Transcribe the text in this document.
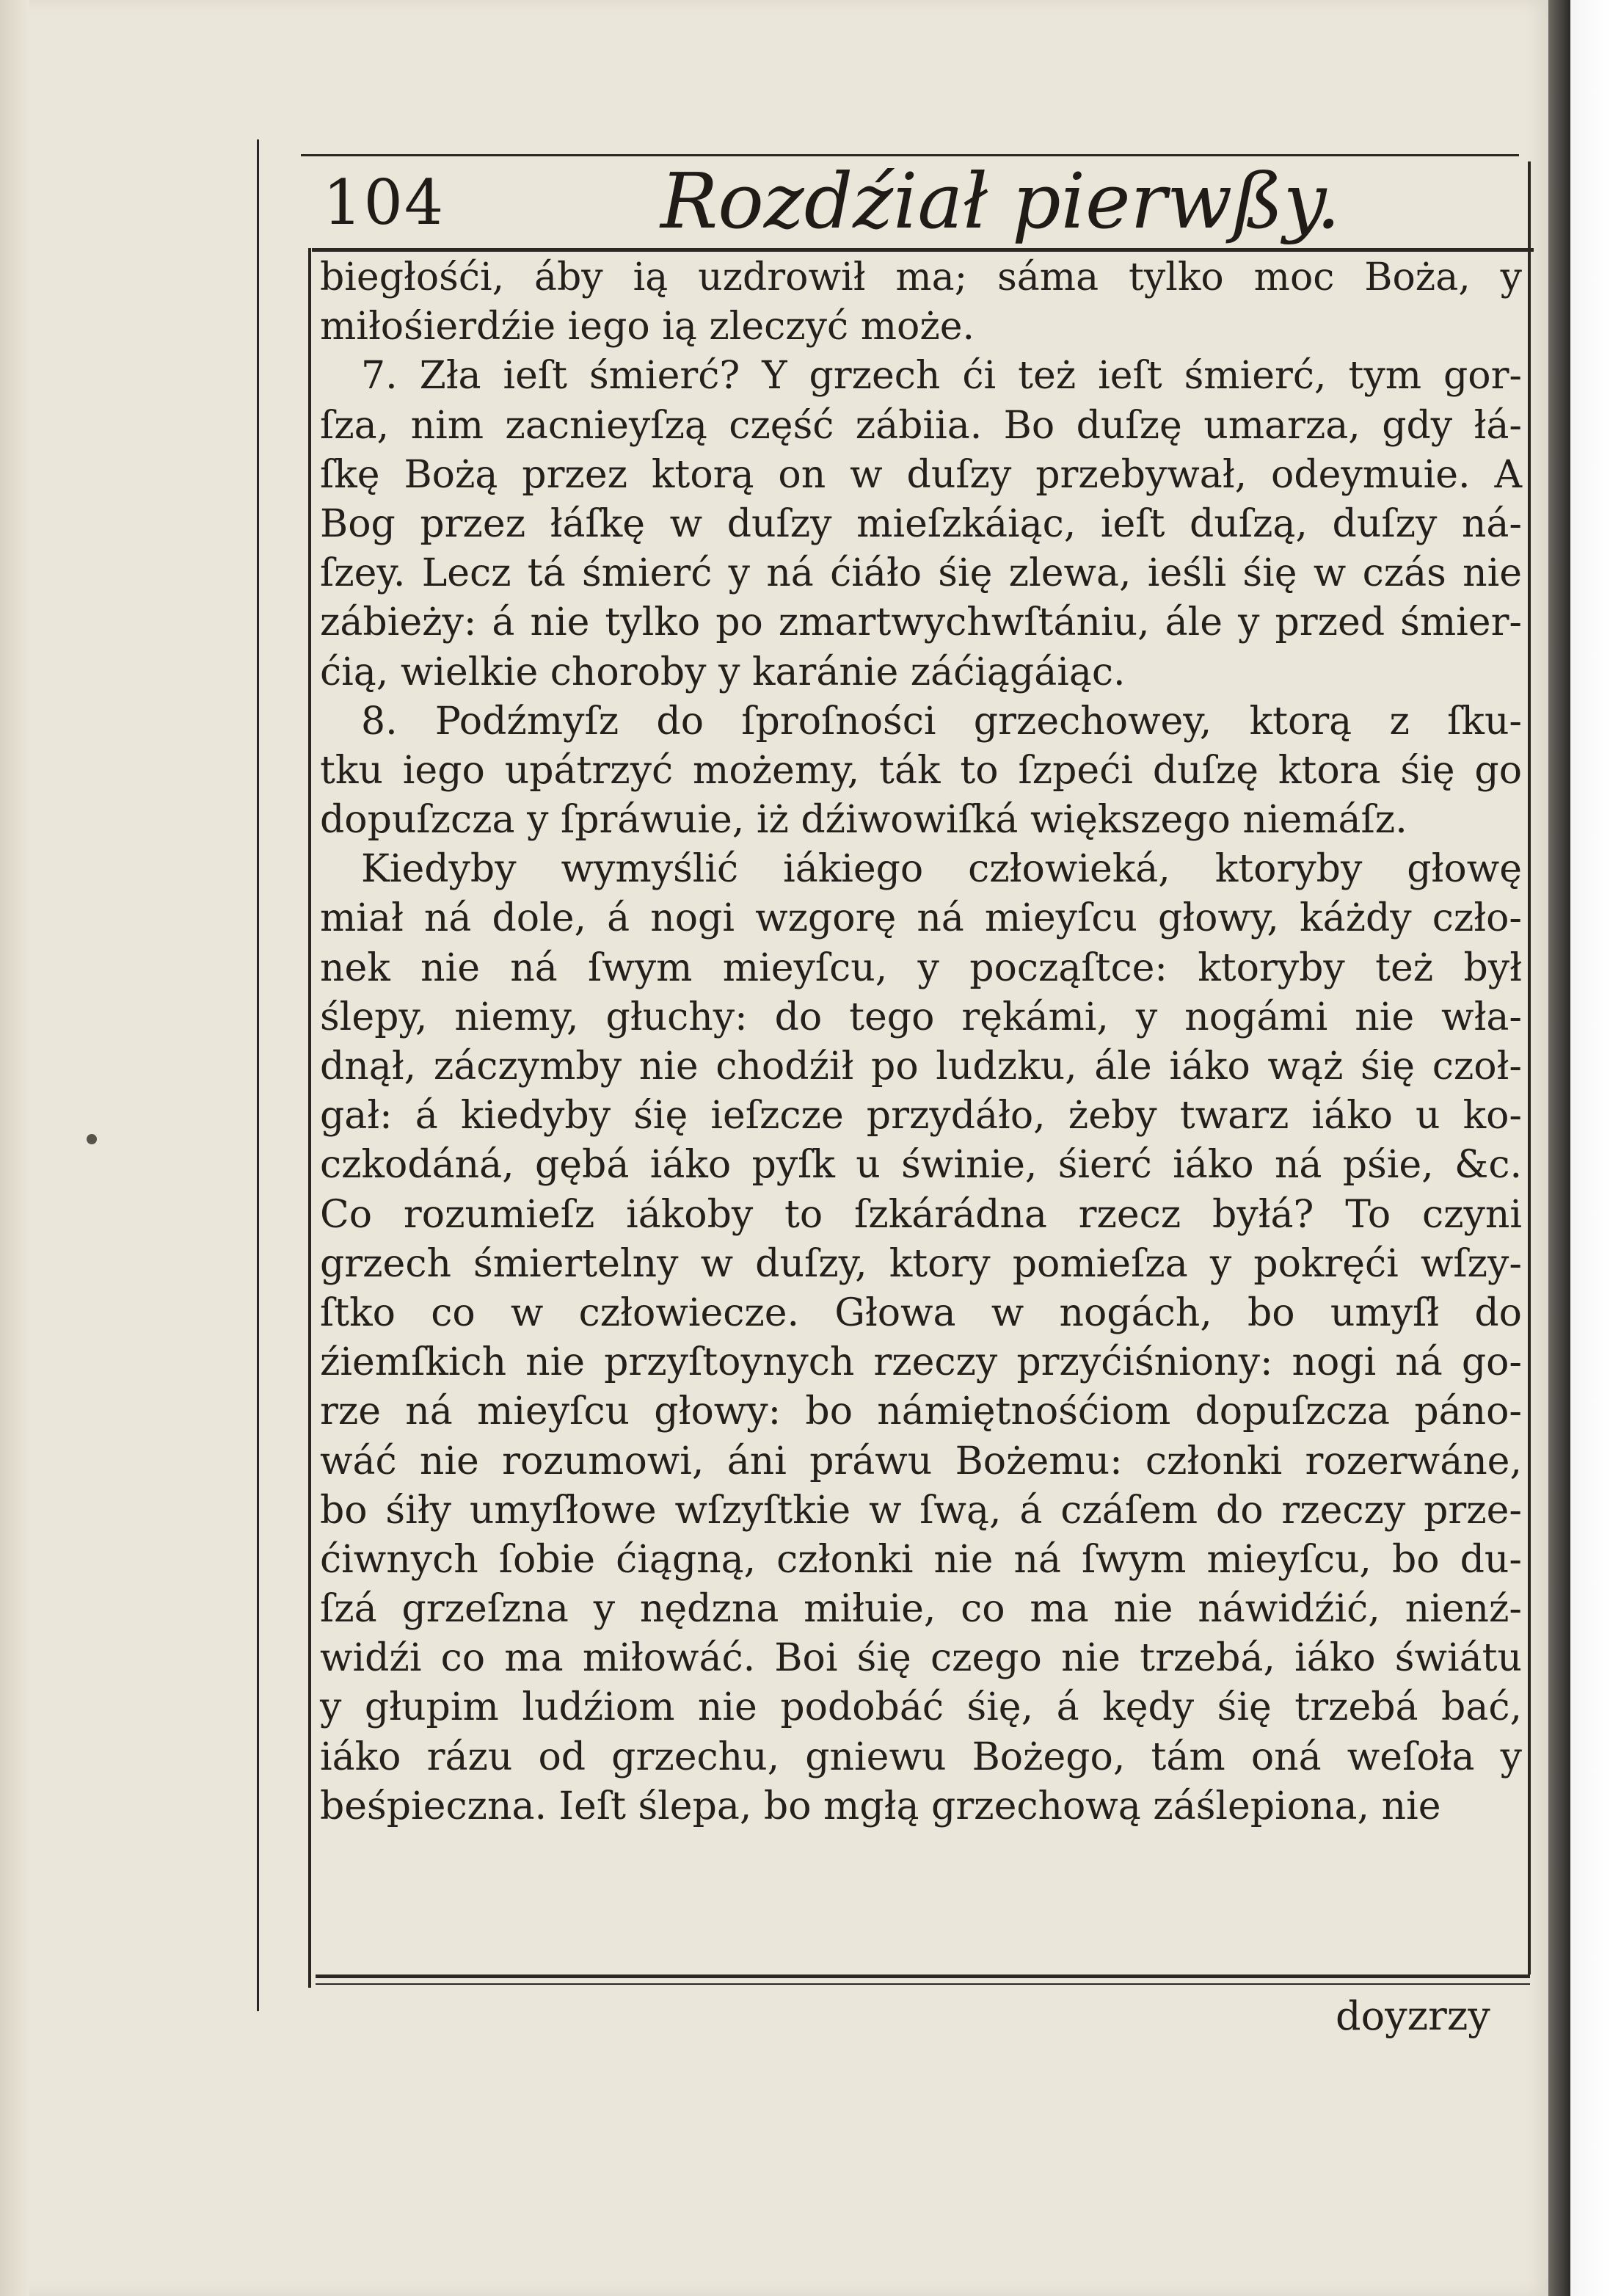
104	Rozdźiał pierwßy.
biegłośći, áby ią uzdrowił ma; sáma tylko moc Boża, y
miłośierdźie iego ią zleczyć może.
7. Zła ieſt śmierć? Y grzech ći też ieſt śmierć, tym gor-
ſza, nim zacnieyſzą część zábiia. Bo duſzę umarza, gdy łá-
ſkę Bożą przez ktorą on w duſzy przebywał, odeymuie. A
Bog przez łáſkę w duſzy mieſzkáiąc, ieſt duſzą, duſzy ná-
ſzey. Lecz tá śmierć y ná ćiáło śię zlewa, ieśli śię w czás nie
zábieży: á nie tylko po zmartwychwſtániu, ále y przed śmier-
ćią, wielkie choroby y karánie záćiągáiąc.
8. Podźmyſz do ſproſności grzechowey, ktorą z ſku-
tku iego upátrzyć możemy, ták to ſzpeći duſzę ktora śię go
dopuſzcza y ſpráwuie, iż dźiwowiſká większego niemáſz.
Kiedyby wymyślić iákiego człowieká, ktoryby głowę
miał ná dole, á nogi wzgorę ná mieyſcu głowy, káżdy czło-
nek nie ná ſwym mieyſcu, y począſtce: ktoryby też był
ślepy, niemy, głuchy: do tego rękámi, y nogámi nie wła-
dnął, záczymby nie chodźił po ludzku, ále iáko wąż śię czoł-
gał: á kiedyby śię ieſzcze przydáło, żeby twarz iáko u ko-
czkodáná, gębá iáko pyſk u świnie, śierć iáko ná pśie, &c.
Co rozumieſz iákoby to ſzkárádna rzecz byłá? To czyni
grzech śmiertelny w duſzy, ktory pomieſza y pokręći wſzy-
ſtko co w człowiecze. Głowa w nogách, bo umyſł do
źiemſkich nie przyſtoynych rzeczy przyćiśniony: nogi ná go-
rze ná mieyſcu głowy: bo námiętnośćiom dopuſzcza páno-
wáć nie rozumowi, áni práwu Bożemu: członki rozerwáne,
bo śiły umyſłowe wſzyſtkie w ſwą, á czáſem do rzeczy prze-
ćiwnych ſobie ćiągną, członki nie ná ſwym mieyſcu, bo du-
ſzá grzeſzna y nędzna miłuie, co ma nie náwidźić, nienź-
widźi co ma miłowáć. Boi śię czego nie trzebá, iáko świátu
y głupim ludźiom nie podobáć śię, á kędy śię trzebá bać,
iáko rázu od grzechu, gniewu Bożego, tám oná weſoła y
beśpieczna. Ieſt ślepa, bo mgłą grzechową záślepiona, nie
doyzrzy
